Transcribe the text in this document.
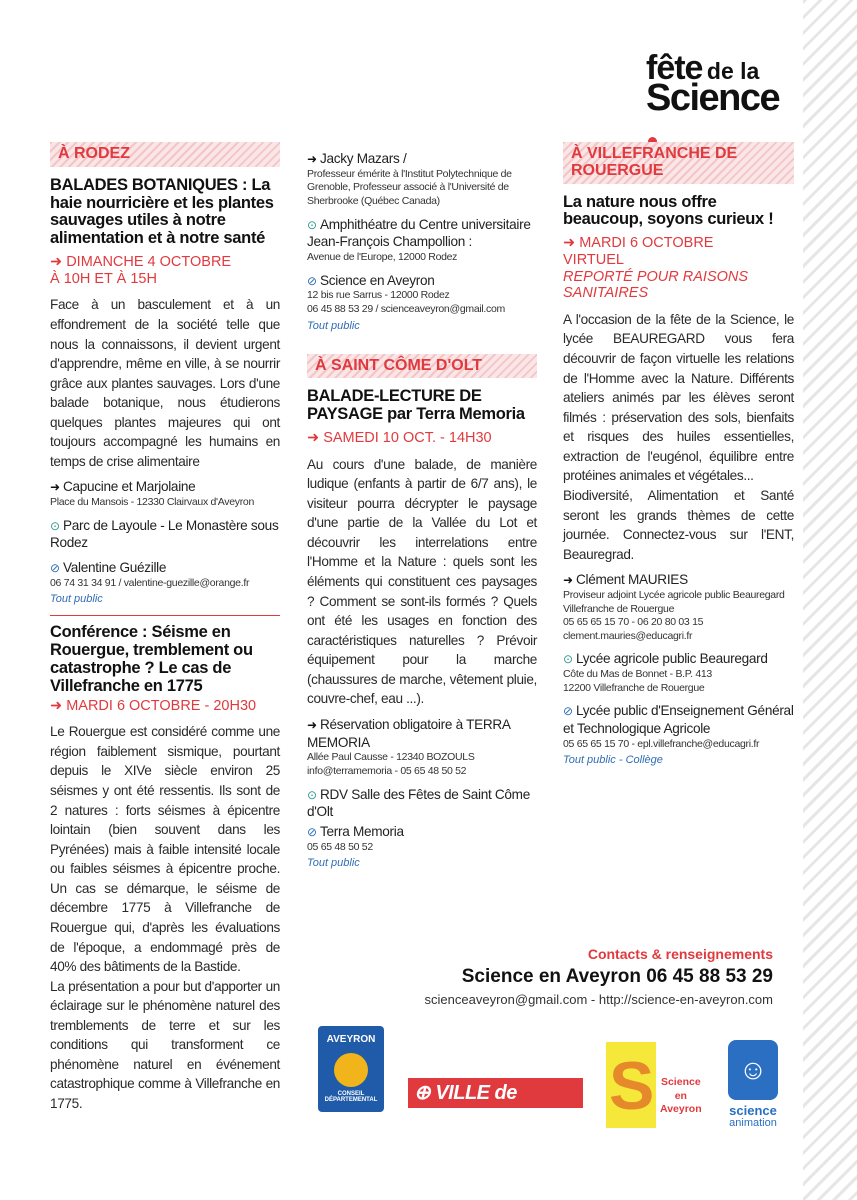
fête de la
Science
À RODEZ
BALADES BOTANIQUES : La haie nourricière et les plantes sauvages utiles à notre alimentation et à notre santé
➜ DIMANCHE 4 OCTOBRE
À 10H ET À 15H
Face à un basculement et à un effondrement de la société telle que nous la connaissons, il devient urgent d'apprendre, même en ville, à se nourrir grâce aux plantes sauvages. Lors d'une balade botanique, nous étudierons quelques plantes majeures qui ont toujours accompagné les humains en temps de crise alimentaire
➜ Capucine et Marjolaine
Place du Mansois - 12330 Clairvaux d'Aveyron
⊙ Parc de Layoule - Le Monastère sous Rodez
⊘ Valentine Guézille
06 74 31 34 91 / valentine-guezille@orange.fr
Tout public
Conférence : Séisme en Rouergue, tremblement ou catastrophe ? Le cas de Villefranche en 1775
➜ MARDI 6 OCTOBRE - 20H30
Le Rouergue est considéré comme une région faiblement sismique, pourtant depuis le XIVe siècle environ 25 séismes y ont été ressentis. Ils sont de 2 natures : forts séismes à épicentre lointain (bien souvent dans les Pyrénées) mais à faible intensité locale ou faibles séismes à épicentre proche. Un cas se démarque, le séisme de décembre 1775 à Villefranche de Rouergue qui, d'après les évaluations de l'époque, a endommagé près de 40% des bâtiments de la Bastide.
La présentation a pour but d'apporter un éclairage sur le phénomène naturel des tremblements de terre et sur les conditions qui transforment ce phénomène naturel en événement catastrophique comme à Villefranche en 1775.
➜ Jacky Mazars /
Professeur émérite à l'Institut Polytechnique de Grenoble, Professeur associé à l'Université de Sherbrooke (Québec Canada)
⊙ Amphithéatre du Centre universitaire Jean-François Champollion :
Avenue de l'Europe, 12000 Rodez
⊘ Science en Aveyron
12 bis rue Sarrus - 12000 Rodez
06 45 88 53 29 / scienceaveyron@gmail.com
Tout public
À SAINT CÔME D'OLT
BALADE-LECTURE DE PAYSAGE par Terra Memoria
➜ SAMEDI 10 OCT. - 14H30
Au cours d'une balade, de manière ludique (enfants à partir de 6/7 ans), le visiteur pourra décrypter le paysage d'une partie de la Vallée du Lot et découvrir les interrelations entre l'Homme et la Nature : quels sont les éléments qui constituent ces paysages ? Comment se sont-ils formés ? Quels ont été les usages en fonction des caractéristiques naturelles ? Prévoir équipement pour la marche (chaussures de marche, vêtement pluie, couvre-chef, eau ...).
➜ Réservation obligatoire à TERRA MEMORIA
Allée Paul Causse - 12340 BOZOULS
info@terramemoria - 05 65 48 50 52
⊙ RDV Salle des Fêtes de Saint Côme d'Olt
⊘ Terra Memoria
05 65 48 50 52
Tout public
À VILLEFRANCHE DE ROUERGUE
La nature nous offre beaucoup, soyons curieux !
➜ MARDI 6 OCTOBRE
VIRTUEL
REPORTÉ POUR RAISONS SANITAIRES
A l'occasion de la fête de la Science, le lycée BEAUREGARD vous fera découvrir de façon virtuelle les relations de l'Homme avec la Nature. Différents ateliers animés par les élèves seront filmés : préservation des sols, bienfaits et risques des huiles essentielles, extraction de l'eugénol, équilibre entre protéines animales et végétales...
Biodiversité, Alimentation et Santé seront les grands thèmes de cette journée. Connectez-vous sur l'ENT, Beauregrad.
➜ Clément MAURIES
Proviseur adjoint Lycée agricole public Beauregard Villefranche de Rouergue
05 65 65 15 70 - 06 20 80 03 15
clement.mauries@educagri.fr
⊙ Lycée agricole public Beauregard
Côte du Mas de Bonnet - B.P. 413
12200 Villefranche de Rouergue
⊘ Lycée public d'Enseignement Général et Technologique Agricole
05 65 65 15 70 - epl.villefranche@educagri.fr
Tout public - Collège
Contacts & renseignements
Science en Aveyron 06 45 88 53 29
scienceaveyron@gmail.com - http://science-en-aveyron.com
AVEYRON
CONSEIL DÉPARTEMENTAL	⊕ VILLE de RODEZ	S Science
en
Aveyron
☺
science
animation
